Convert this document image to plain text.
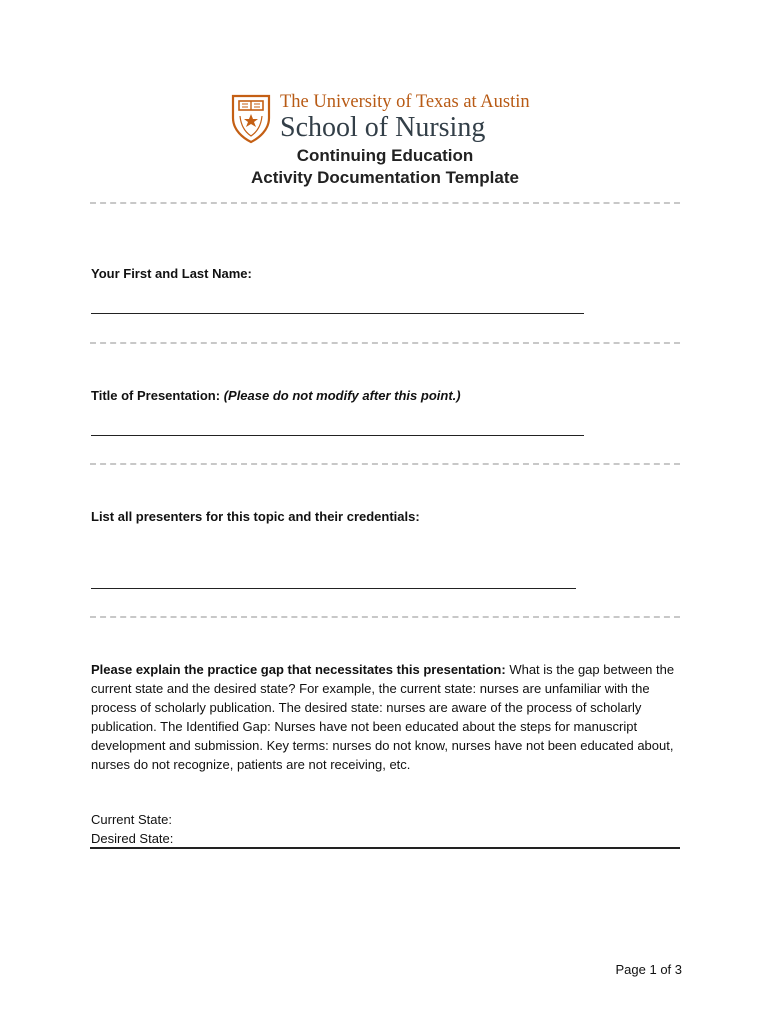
The University of Texas at Austin
School of Nursing
Continuing Education
Activity Documentation Template
Your First and Last Name:
Title of Presentation: (Please do not modify after this point.)
List all presenters for this topic and their credentials:
Please explain the practice gap that necessitates this presentation: What is the gap between the current state and the desired state? For example, the current state: nurses are unfamiliar with the process of scholarly publication. The desired state: nurses are aware of the process of scholarly publication. The Identified Gap: Nurses have not been educated about the steps for manuscript development and submission. Key terms: nurses do not know, nurses have not been educated about, nurses do not recognize, patients are not receiving, etc.
Current State:
Desired State:
Page 1 of 3
